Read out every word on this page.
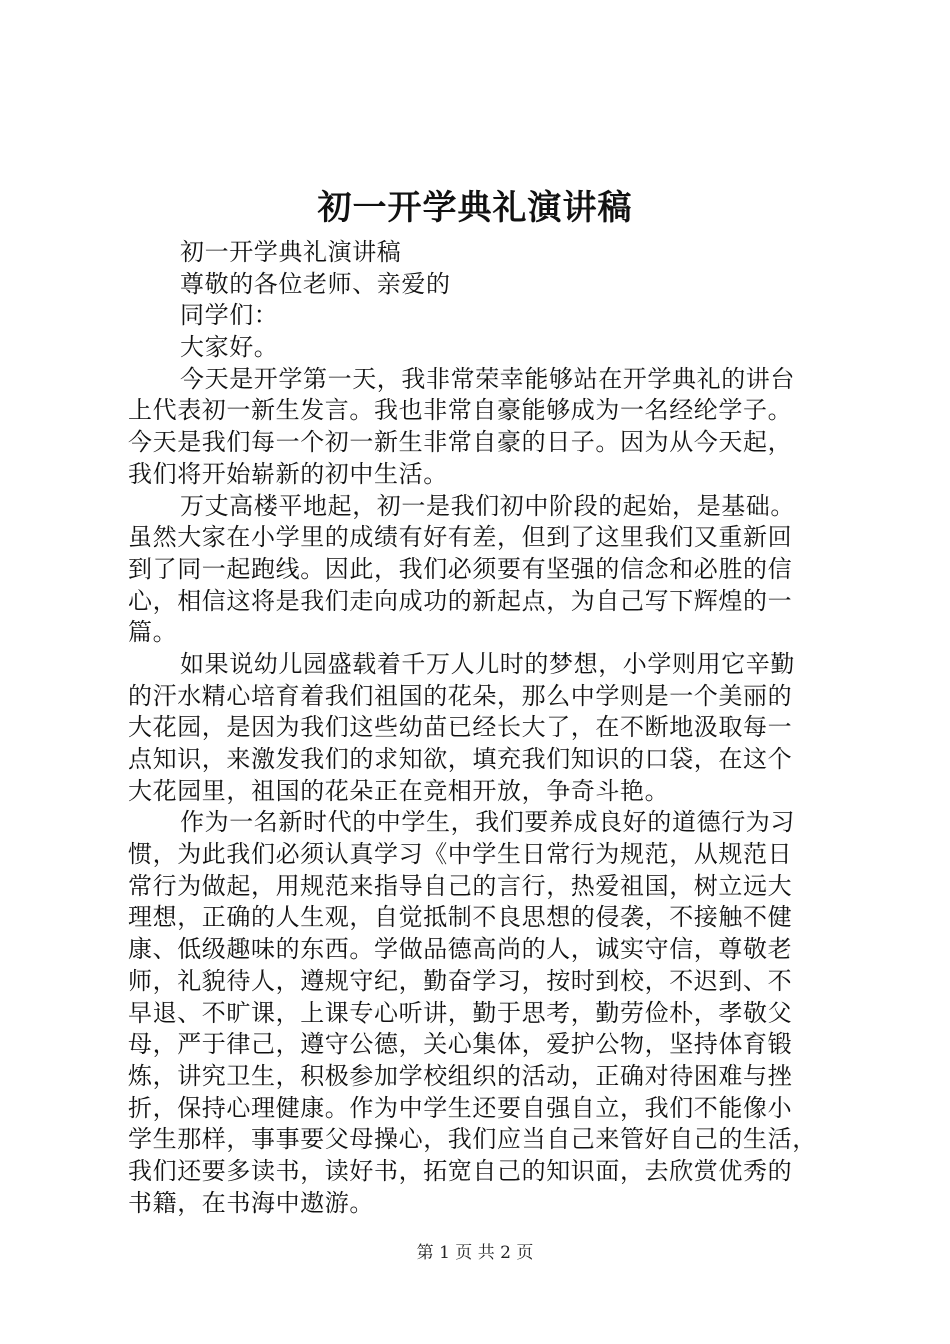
初一开学典礼演讲稿

初一开学典礼演讲稿

尊敬的各位老师、亲爱的

同学们：

大家好。

今天是开学第一天，我非常荣幸能够站在开学典礼的讲台

上代表初一新生发言。我也非常自豪能够成为一名经纶学子。

今天是我们每一个初一新生非常自豪的日子。因为从今天起，

我们将开始崭新的初中生活。

万丈高楼平地起，初一是我们初中阶段的起始，是基础。

虽然大家在小学里的成绩有好有差，但到了这里我们又重新回

到了同一起跑线。因此，我们必须要有坚强的信念和必胜的信

心，相信这将是我们走向成功的新起点，为自己写下辉煌的一

篇。

如果说幼儿园盛载着千万人儿时的梦想，小学则用它辛勤

的汗水精心培育着我们祖国的花朵，那么中学则是一个美丽的

大花园，是因为我们这些幼苗已经长大了，在不断地汲取每一

点知识，来激发我们的求知欲，填充我们知识的口袋，在这个

大花园里，祖国的花朵正在竞相开放，争奇斗艳。

作为一名新时代的中学生，我们要养成良好的道德行为习

惯，为此我们必须认真学习《中学生日常行为规范，从规范日

常行为做起，用规范来指导自己的言行，热爱祖国，树立远大

理想，正确的人生观，自觉抵制不良思想的侵袭，不接触不健

康、低级趣味的东西。学做品德高尚的人，诚实守信，尊敬老

师，礼貌待人，遵规守纪，勤奋学习，按时到校，不迟到、不

早退、不旷课，上课专心听讲，勤于思考，勤劳俭朴，孝敬父

母，严于律己，遵守公德，关心集体，爱护公物，坚持体育锻

炼，讲究卫生，积极参加学校组织的活动，正确对待困难与挫

折，保持心理健康。作为中学生还要自强自立，我们不能像小

学生那样，事事要父母操心，我们应当自己来管好自己的生活，

我们还要多读书，读好书，拓宽自己的知识面，去欣赏优秀的

书籍，在书海中遨游。

第 1 页 共 2 页
